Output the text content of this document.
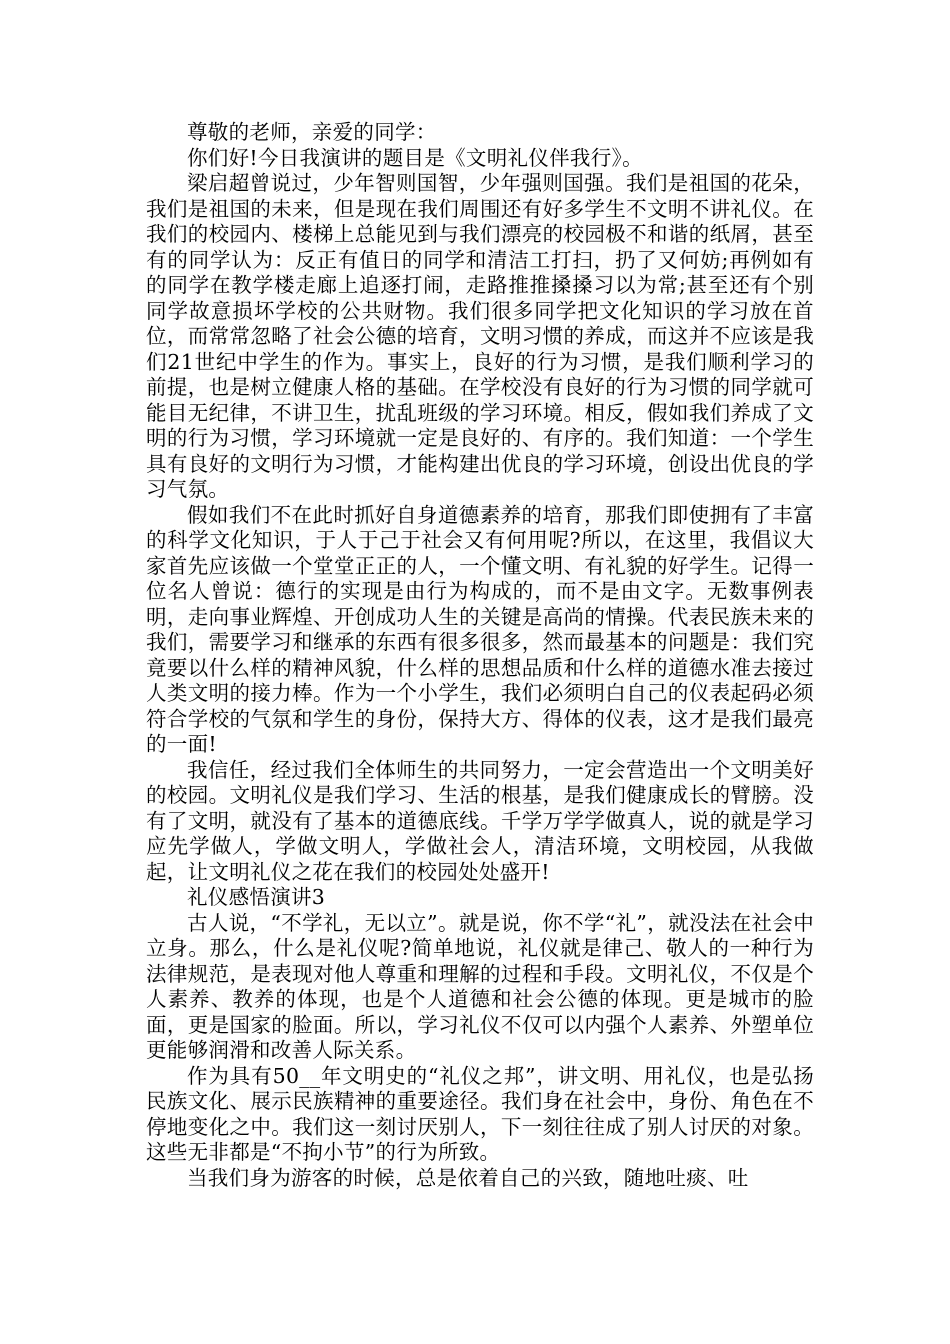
尊敬的老师，亲爱的同学：

你们好!今日我演讲的题目是《文明礼仪伴我行》。

梁启超曾说过，少年智则国智，少年强则国强。我们是祖国的花朵，我们是祖国的未来，但是现在我们周围还有好多学生不文明不讲礼仪。在我们的校园内、楼梯上总能见到与我们漂亮的校园极不和谐的纸屑，甚至有的同学认为：反正有值日的同学和清洁工打扫，扔了又何妨;再例如有的同学在教学楼走廊上追逐打闹，走路推推搡搡习以为常;甚至还有个别同学故意损坏学校的公共财物。我们很多同学把文化知识的学习放在首位，而常常忽略了社会公德的培育，文明习惯的养成，而这并不应该是我们21世纪中学生的作为。事实上，良好的行为习惯，是我们顺利学习的前提，也是树立健康人格的基础。在学校没有良好的行为习惯的同学就可能目无纪律，不讲卫生，扰乱班级的学习环境。相反，假如我们养成了文明的行为习惯，学习环境就一定是良好的、有序的。我们知道：一个学生具有良好的文明行为习惯，才能构建出优良的学习环境，创设出优良的学习气氛。

假如我们不在此时抓好自身道德素养的培育，那我们即使拥有了丰富的科学文化知识，于人于己于社会又有何用呢?所以，在这里，我倡议大家首先应该做一个堂堂正正的人，一个懂文明、有礼貌的好学生。记得一位名人曾说：德行的实现是由行为构成的，而不是由文字。无数事例表明，走向事业辉煌、开创成功人生的关键是高尚的情操。代表民族未来的我们，需要学习和继承的东西有很多很多，然而最基本的问题是：我们究竟要以什么样的精神风貌，什么样的思想品质和什么样的道德水准去接过人类文明的接力棒。作为一个小学生，我们必须明白自己的仪表起码必须符合学校的气氛和学生的身份，保持大方、得体的仪表，这才是我们最亮的一面!

我信任，经过我们全体师生的共同努力，一定会营造出一个文明美好的校园。文明礼仪是我们学习、生活的根基，是我们健康成长的臂膀。没有了文明，就没有了基本的道德底线。千学万学学做真人，说的就是学习应先学做人，学做文明人，学做社会人，清洁环境，文明校园，从我做起，让文明礼仪之花在我们的校园处处盛开!

礼仪感悟演讲3

古人说，“不学礼，无以立”。就是说，你不学“礼”，就没法在社会中立身。那么，什么是礼仪呢?简单地说，礼仪就是律己、敬人的一种行为法律规范，是表现对他人尊重和理解的过程和手段。文明礼仪，不仅是个人素养、教养的体现，也是个人道德和社会公德的体现。更是城市的脸面，更是国家的脸面。所以，学习礼仪不仅可以内强个人素养、外塑单位更能够润滑和改善人际关系。

作为具有50__年文明史的“礼仪之邦”，讲文明、用礼仪，也是弘扬民族文化、展示民族精神的重要途径。我们身在社会中，身份、角色在不停地变化之中。我们这一刻讨厌别人，下一刻往往成了别人讨厌的对象。这些无非都是“不拘小节”的行为所致。

当我们身为游客的时候，总是依着自己的兴致，随地吐痰、吐
